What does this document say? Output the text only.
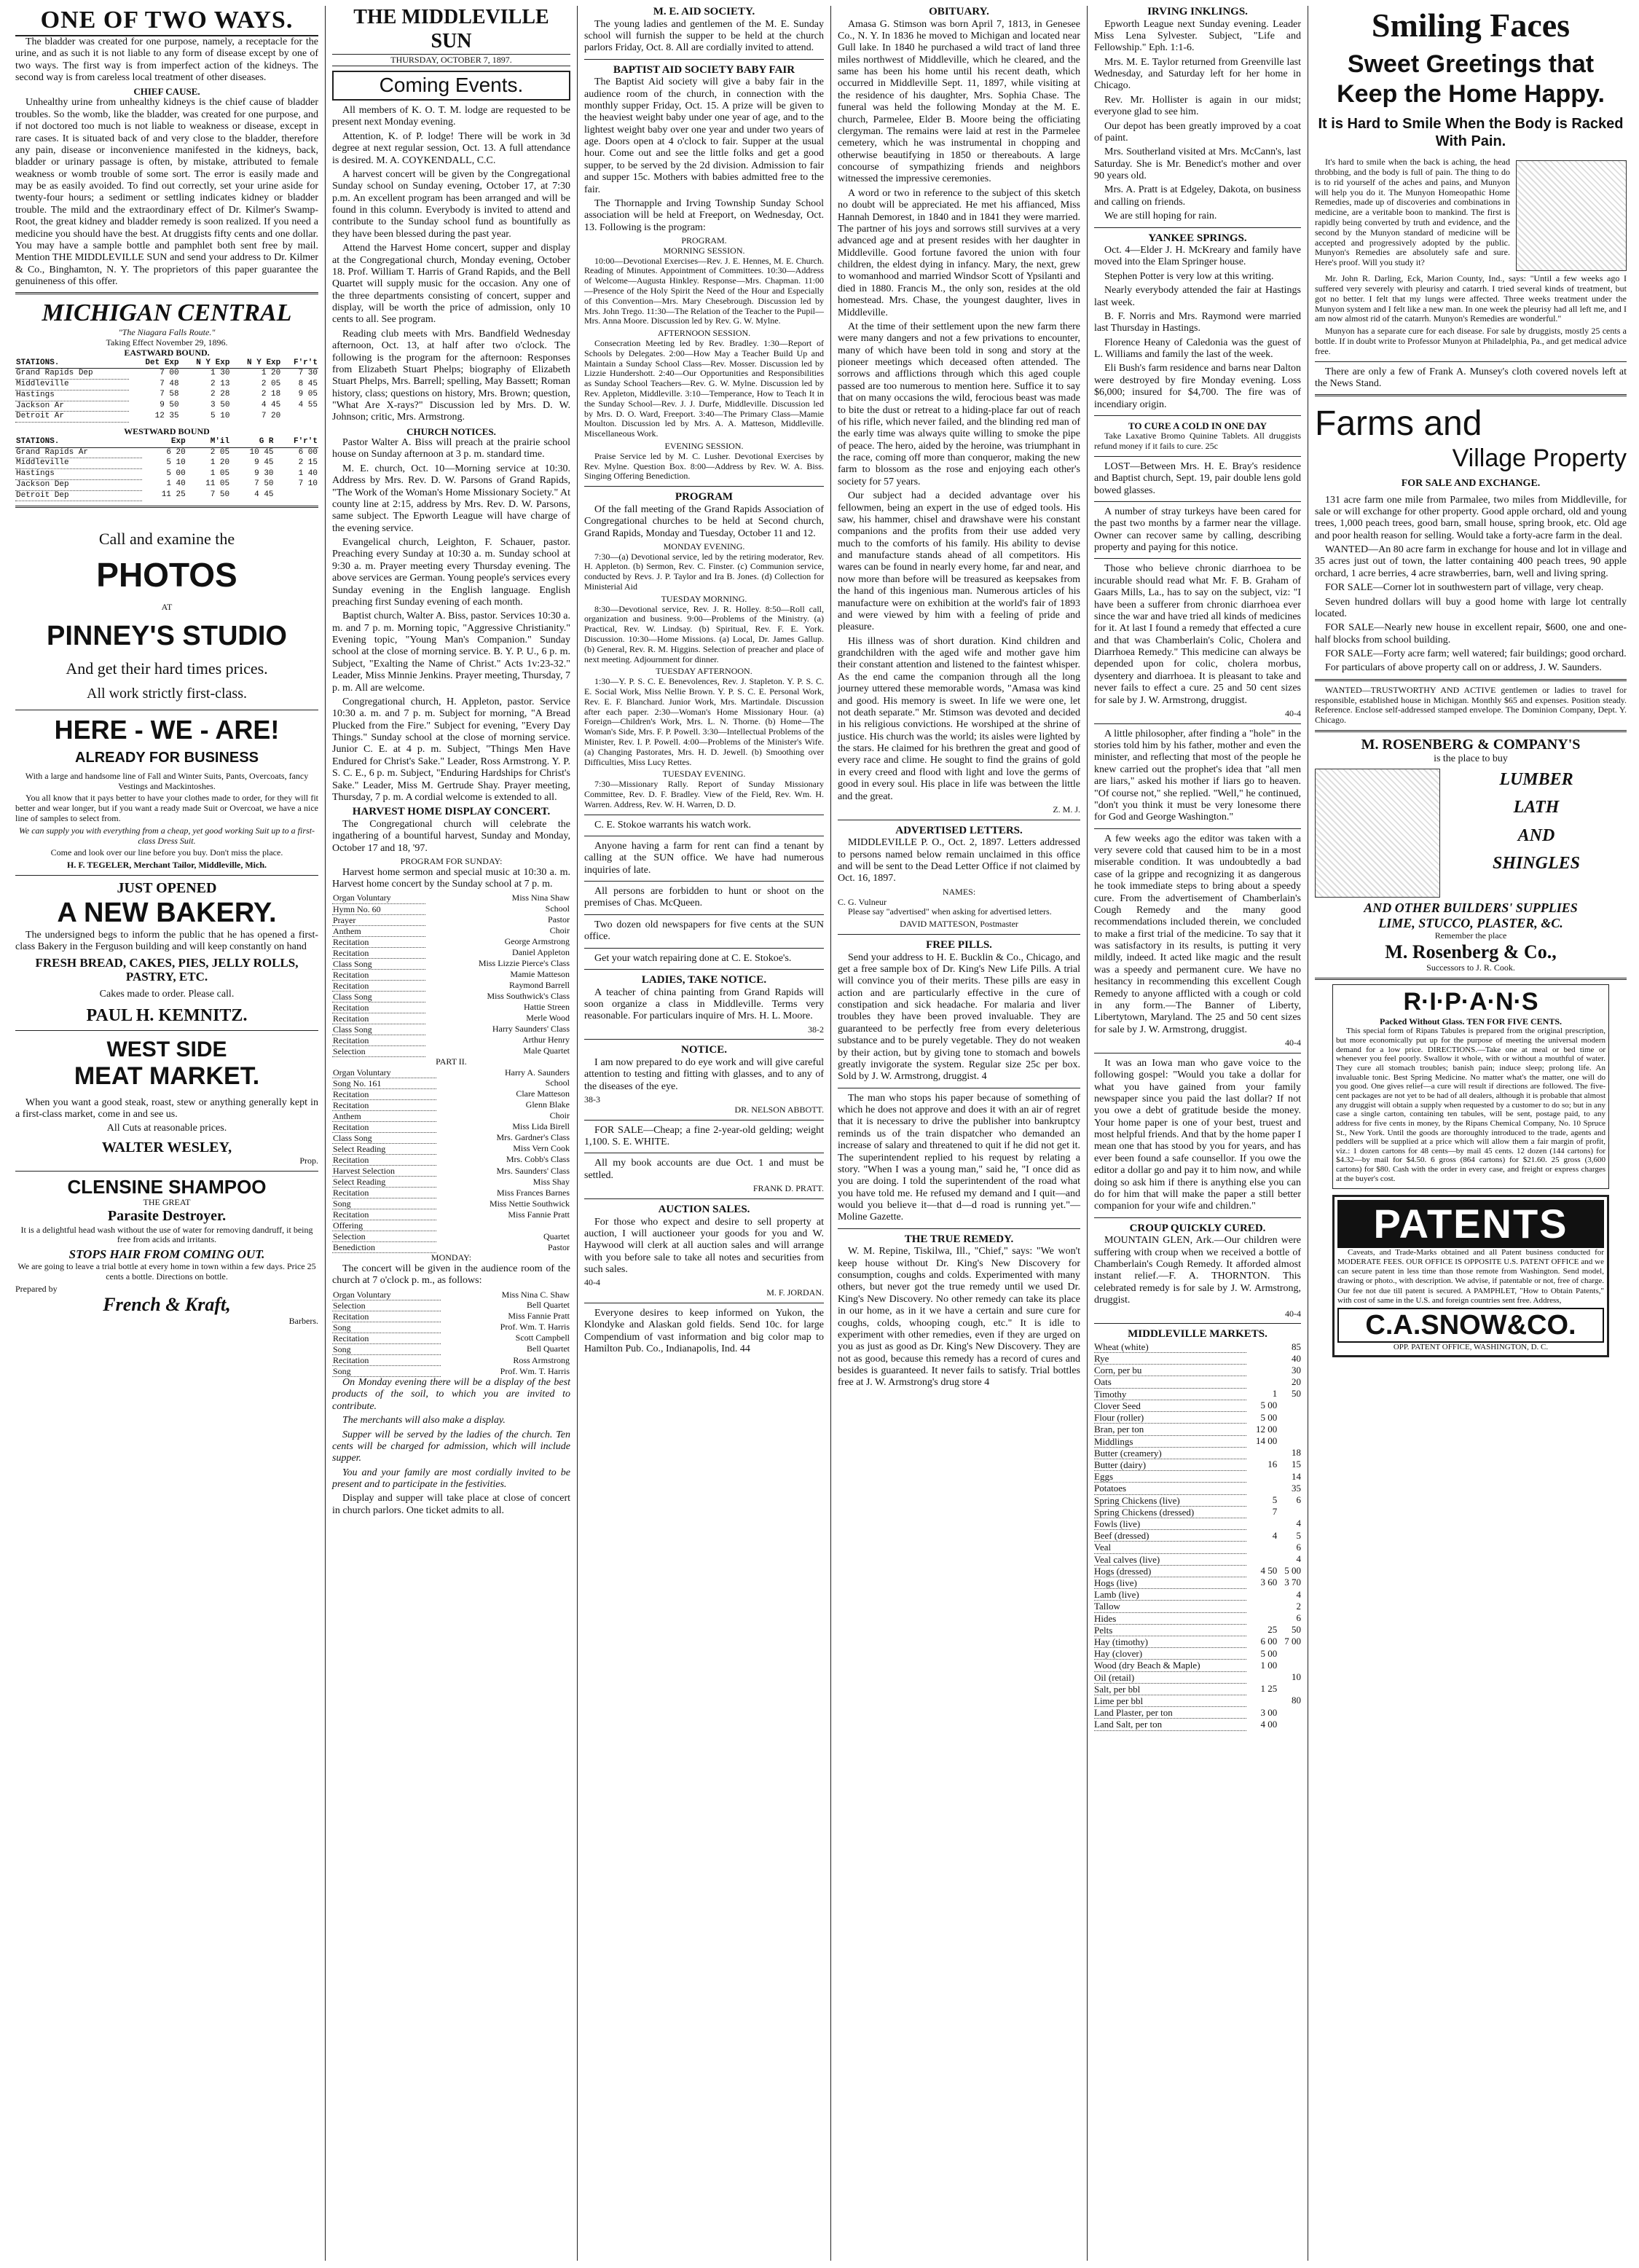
ONE OF TWO WAYS.

The bladder was created for one purpose, namely, a receptacle for the urine, and as such it is not liable to any form of disease except by one of two ways. The first way is from imperfect action of the kidneys. The second way is from careless local treatment of other diseases.

CHIEF CAUSE.

Unhealthy urine from unhealthy kidneys is the chief cause of bladder troubles. So the womb, like the bladder, was created for one purpose, and if not doctored too much is not liable to weakness or disease, except in rare cases. It is situated back of and very close to the bladder, therefore any pain, disease or inconvenience manifested in the kidneys, back, bladder or urinary passage is often, by mistake, attributed to female weakness or womb trouble of some sort. The error is easily made and may be as easily avoided. To find out correctly, set your urine aside for twenty-four hours; a sediment or settling indicates kidney or bladder trouble. The mild and the extraordinary effect of Dr. Kilmer's Swamp-Root, the great kidney and bladder remedy is soon realized. If you need a medicine you should have the best. At druggists fifty cents and one dollar. You may have a sample bottle and pamphlet both sent free by mail. Mention THE MIDDLEVILLE SUN and send your address to Dr. Kilmer & Co., Binghamton, N. Y. The proprietors of this paper guarantee the genuineness of this offer.

MICHIGAN CENTRAL
"The Niagara Falls Route."
Taking Effect November 29, 1896.
EASTWARD BOUND.
STATIONS.	Det Exp	N Y Exp	N Y Exp	F'r't
Grand Rapids Dep	7 00	1 30	1 20	7 30
Middleville	7 48	2 13	2 05	8 45
Hastings	7 58	2 28	2 18	9 05
Jackson Ar	9 50	3 50	4 45	4 55
Detroit Ar	12 35	5 10	7 20	
WESTWARD BOUND
STATIONS.	Exp	M'il	G R	F'r't
Grand Rapids Ar	6 20	2 05	10 45	6 00
Middleville	5 10	1 20	9 45	2 15
Hastings	5 00	1 05	9 30	1 40
Jackson Dep	1 40	11 05	7 50	7 10
Detroit Dep	11 25	7 50	4 45	
Call and examine the
PHOTOS
AT
PINNEY'S STUDIO
And get their hard times prices.
All work strictly first-class.
HERE - WE - ARE!
ALREADY FOR BUSINESS

With a large and handsome line of Fall and Winter Suits, Pants, Overcoats, fancy Vestings and Mackintoshes.

You all know that it pays better to have your clothes made to order, for they will fit better and wear longer, but if you want a ready made Suit or Overcoat, we have a nice line of samples to select from.

We can supply you with everything from a cheap, yet good working Suit up to a first-class Dress Suit.

Come and look over our line before you buy. Don't miss the place.

H. F. TEGELER, Merchant Tailor, Middleville, Mich.
JUST OPENED
A NEW BAKERY.

The undersigned begs to inform the public that he has opened a first-class Bakery in the Ferguson building and will keep constantly on hand

FRESH BREAD, CAKES, PIES, JELLY ROLLS, PASTRY, ETC.
Cakes made to order. Please call.
PAUL H. KEMNITZ.
WEST SIDE
MEAT MARKET.

When you want a good steak, roast, stew or anything generally kept in a first-class market, come in and see us.

All Cuts at reasonable prices.
WALTER WESLEY,
Prop.
CLENSINE SHAMPOO
THE GREAT
Parasite Destroyer.

It is a delightful head wash without the use of water for removing dandruff, it being free from acids and irritants.

STOPS HAIR FROM COMING OUT.

We are going to leave a trial bottle at every home in town within a few days. Price 25 cents a bottle. Directions on bottle.

Prepared by
French & Kraft,
Barbers.
THE MIDDLEVILLE SUN
THURSDAY, OCTOBER 7, 1897.
Coming Events.

All members of K. O. T. M. lodge are requested to be present next Monday evening.

Attention, K. of P. lodge! There will be work in 3d degree at next regular session, Oct. 13. A full attendance is desired. M. A. COYKENDALL, C.C.

A harvest concert will be given by the Congregational Sunday school on Sunday evening, October 17, at 7:30 p.m. An excellent program has been arranged and will be found in this column. Everybody is invited to attend and contribute to the Sunday school fund as bountifully as they have been blessed during the past year.

Attend the Harvest Home concert, supper and display at the Congregational church, Monday evening, October 18. Prof. William T. Harris of Grand Rapids, and the Bell Quartet will supply music for the occasion. Any one of the three departments consisting of concert, supper and display, will be worth the price of admission, only 10 cents to all. See program.

Reading club meets with Mrs. Bandfield Wednesday afternoon, Oct. 13, at half after two o'clock. The following is the program for the afternoon: Responses from Elizabeth Stuart Phelps; biography of Elizabeth Stuart Phelps, Mrs. Barrell; spelling, May Bassett; Roman history, class; questions on history, Mrs. Brown; question, "What Are X-rays?" Discussion led by Mrs. D. W. Johnson; critic, Mrs. Armstrong.

CHURCH NOTICES.

Pastor Walter A. Biss will preach at the prairie school house on Sunday afternoon at 3 p. m. standard time.

M. E. church, Oct. 10—Morning service at 10:30. Address by Mrs. Rev. D. W. Parsons of Grand Rapids, "The Work of the Woman's Home Missionary Society." At county line at 2:15, address by Mrs. Rev. D. W. Parsons, same subject. The Epworth League will have charge of the evening service.

Evangelical church, Leighton, F. Schauer, pastor. Preaching every Sunday at 10:30 a. m. Sunday school at 9:30 a. m. Prayer meeting every Thursday evening. The above services are German. Young people's services every Sunday evening in the English language. English preaching first Sunday evening of each month.

Baptist church, Walter A. Biss, pastor. Services 10:30 a. m. and 7 p. m. Morning topic, "Aggressive Christianity." Evening topic, "Young Man's Companion." Sunday school at the close of morning service. B. Y. P. U., 6 p. m. Subject, "Exalting the Name of Christ." Acts 1v:23-32." Leader, Miss Minnie Jenkins. Prayer meeting, Thursday, 7 p. m. All are welcome.

Congregational church, H. Appleton, pastor. Service 10:30 a. m. and 7 p. m. Subject for morning, "A Bread Plucked from the Fire." Subject for evening, "Every Day Things." Sunday school at the close of morning service. Junior C. E. at 4 p. m. Subject, "Things Men Have Endured for Christ's Sake." Leader, Ross Armstrong. Y. P. S. C. E., 6 p. m. Subject, "Enduring Hardships for Christ's Sake." Leader, Miss M. Gertrude Shay. Prayer meeting, Thursday, 7 p. m. A cordial welcome is extended to all.

HARVEST HOME DISPLAY CONCERT.

The Congregational church will celebrate the ingathering of a bountiful harvest, Sunday and Monday, October 17 and 18, '97.

PROGRAM FOR SUNDAY:

Harvest home sermon and special music at 10:30 a. m. Harvest home concert by the Sunday school at 7 p. m.

Organ Voluntary	Miss Nina Shaw
Hymn No. 60	School
Prayer	Pastor
Anthem	Choir
Recitation	George Armstrong
Recitation	Daniel Appleton
Class Song	Miss Lizzie Pierce's Class
Recitation	Mamie Matteson
Recitation	Raymond Barrell
Class Song	Miss Southwick's Class
Recitation	Hattie Streen
Recitation	Merle Wood
Class Song	Harry Saunders' Class
Recitation	Arthur Henry
Selection	Male Quartet
PART II.
Organ Voluntary	Harry A. Saunders
Song No. 161	School
Recitation	Clare Matteson
Recitation	Glenn Blake
Anthem	Choir
Recitation	Miss Lida Birell
Class Song	Mrs. Gardner's Class
Select Reading	Miss Vern Cook
Recitation	Mrs. Cobb's Class
Harvest Selection	Mrs. Saunders' Class
Select Reading	Miss Shay
Recitation	Miss Frances Barnes
Song	Miss Nettie Southwick
Recitation	Miss Fannie Pratt
Offering	
Selection	Quartet
Benediction	Pastor
MONDAY:

The concert will be given in the audience room of the church at 7 o'clock p. m., as follows:

Organ Voluntary	Miss Nina C. Shaw
Selection	Bell Quartet
Recitation	Miss Fannie Pratt
Song	Prof. Wm. T. Harris
Recitation	Scott Campbell
Song	Bell Quartet
Recitation	Ross Armstrong
Song	Prof. Wm. T. Harris

On Monday evening there will be a display of the best products of the soil, to which you are invited to contribute.

The merchants will also make a display.

Supper will be served by the ladies of the church. Ten cents will be charged for admission, which will include supper.

You and your family are most cordially invited to be present and to participate in the festivities.

Display and supper will take place at close of concert in church parlors. One ticket admits to all.

M. E. AID SOCIETY.

The young ladies and gentlemen of the M. E. Sunday school will furnish the supper to be held at the church parlors Friday, Oct. 8. All are cordially invited to attend.

BAPTIST AID SOCIETY BABY FAIR

The Baptist Aid society will give a baby fair in the audience room of the church, in connection with the monthly supper Friday, Oct. 15. A prize will be given to the heaviest weight baby under one year of age, and to the lightest weight baby over one year and under two years of age. Doors open at 4 o'clock to fair. Supper at the usual hour. Come out and see the little folks and get a good supper, to be served by the 2d division. Admission to fair and supper 15c. Mothers with babies admitted free to the fair.

The Thornapple and Irving Township Sunday School association will be held at Freeport, on Wednesday, Oct. 13. Following is the program:

PROGRAM.
MORNING SESSION.

10:00—Devotional Exercises—Rev. J. E. Hennes, M. E. Church. Reading of Minutes. Appointment of Committees. 10:30—Address of Welcome—Augusta Hinkley. Response—Mrs. Chapman. 11:00—Presence of the Holy Spirit the Need of the Hour and Especially of this Convention—Mrs. Mary Chesebrough. Discussion led by Mrs. John Trego. 11:30—The Relation of the Teacher to the Pupil—Mrs. Anna Moore. Discussion led by Rev. G. W. Mylne.

AFTERNOON SESSION.

Consecration Meeting led by Rev. Bradley. 1:30—Report of Schools by Delegates. 2:00—How May a Teacher Build Up and Maintain a Sunday School Class—Rev. Mosser. Discussion led by Lizzie Hundershott. 2:40—Our Opportunities and Responsibilities as Sunday School Teachers—Rev. G. W. Mylne. Discussion led by Rev. Appleton, Middleville. 3:10—Temperance, How to Teach It in the Sunday School—Rev. J. J. Durfe, Middleville. Discussion led by Mrs. D. O. Ward, Freeport. 3:40—The Primary Class—Mamie Moulton. Discussion led by Mrs. A. A. Matteson, Middleville. Miscellaneous Work.

EVENING SESSION.

Praise Service led by M. C. Lusher. Devotional Exercises by Rev. Mylne. Question Box. 8:00—Address by Rev. W. A. Biss. Singing Offering Benediction.

PROGRAM

Of the fall meeting of the Grand Rapids Association of Congregational churches to be held at Second church, Grand Rapids, Monday and Tuesday, October 11 and 12.

MONDAY EVENING.

7:30—(a) Devotional service, led by the retiring moderator, Rev. H. Appleton. (b) Sermon, Rev. C. Finster. (c) Communion service, conducted by Revs. J. P. Taylor and Ira B. Jones. (d) Collection for Ministerial Aid

TUESDAY MORNING.

8:30—Devotional service, Rev. J. R. Holley. 8:50—Roll call, organization and business. 9:00—Problems of the Ministry. (a) Practical, Rev. W. Lindsay. (b) Spiritual, Rev. F. E. York. Discussion. 10:30—Home Missions. (a) Local, Dr. James Gallup. (b) General, Rev. R. M. Higgins. Selection of preacher and place of next meeting. Adjournment for dinner.

TUESDAY AFTERNOON.

1:30—Y. P. S. C. E. Benevolences, Rev. J. Stapleton. Y. P. S. C. E. Social Work, Miss Nellie Brown. Y. P. S. C. E. Personal Work, Rev. E. F. Blanchard. Junior Work, Mrs. Martindale. Discussion after each paper. 2:30—Woman's Home Missionary Hour. (a) Foreign—Children's Work, Mrs. L. N. Thorne. (b) Home—The Woman's Side, Mrs. F. P. Powell. 3:30—Intellectual Problems of the Minister, Rev. I. P. Powell. 4:00—Problems of the Minister's Wife. (a) Changing Pastorates, Mrs. H. D. Jewell. (b) Smoothing over Difficulties, Miss Lucy Rettes.

TUESDAY EVENING.

7:30—Missionary Rally. Report of Sunday Missionary Committee, Rev. D. F. Bradley. View of the Field, Rev. Wm. H. Warren. Address, Rev. W. H. Warren, D. D.

C. E. Stokoe warrants his watch work.

Anyone having a farm for rent can find a tenant by calling at the SUN office. We have had numerous inquiries of late.

All persons are forbidden to hunt or shoot on the premises of Chas. McQueen.

Two dozen old newspapers for five cents at the SUN office.

Get your watch repairing done at C. E. Stokoe's.

LADIES, TAKE NOTICE.

A teacher of china painting from Grand Rapids will soon organize a class in Middleville. Terms very reasonable. For particulars inquire of Mrs. H. L. Moore.

38-2
NOTICE.

I am now prepared to do eye work and will give careful attention to testing and fitting with glasses, and to any of the diseases of the eye.

38-3
DR. NELSON ABBOTT.

FOR SALE—Cheap; a fine 2-year-old gelding; weight 1,100. S. E. WHITE.

All my book accounts are due Oct. 1 and must be settled.

FRANK D. PRATT.
AUCTION SALES.

For those who expect and desire to sell property at auction, I will auctioneer your goods for you and W. Haywood will clerk at all auction sales and will arrange with you before sale to take all notes and securities from such sales.

40-4
M. F. JORDAN.

Everyone desires to keep informed on Yukon, the Klondyke and Alaskan gold fields. Send 10c. for large Compendium of vast information and big color map to Hamilton Pub. Co., Indianapolis, Ind. 44

OBITUARY.

Amasa G. Stimson was born April 7, 1813, in Genesee Co., N. Y. In 1836 he moved to Michigan and located near Gull lake. In 1840 he purchased a wild tract of land three miles northwest of Middleville, which he cleared, and the same has been his home until his recent death, which occurred in Middleville Sept. 11, 1897, while visiting at the residence of his daughter, Mrs. Sophia Chase. The funeral was held the following Monday at the M. E. church, Parmelee, Elder B. Moore being the officiating clergyman. The remains were laid at rest in the Parmelee cemetery, which he was instrumental in chopping and otherwise beautifying in 1850 or thereabouts. A large concourse of sympathizing friends and neighbors witnessed the impressive ceremonies.

A word or two in reference to the subject of this sketch no doubt will be appreciated. He met his affianced, Miss Hannah Demorest, in 1840 and in 1841 they were married. The partner of his joys and sorrows still survives at a very advanced age and at present resides with her daughter in Middleville. Good fortune favored the union with four children, the eldest dying in infancy. Mary, the next, grew to womanhood and married Windsor Scott of Ypsilanti and died in 1880. Francis M., the only son, resides at the old homestead. Mrs. Chase, the youngest daughter, lives in Middleville.

At the time of their settlement upon the new farm there were many dangers and not a few privations to encounter, many of which have been told in song and story at the pioneer meetings which deceased often attended. The sorrows and afflictions through which this aged couple passed are too numerous to mention here. Suffice it to say that on many occasions the wild, ferocious beast was made to bite the dust or retreat to a hiding-place far out of reach of his rifle, which never failed, and the blinding red man of the early time was always quite willing to smoke the pipe of peace. The hero, aided by the heroine, was triumphant in the race, coming off more than conqueror, making the new farm to blossom as the rose and enjoying each other's society for 57 years.

Our subject had a decided advantage over his fellowmen, being an expert in the use of edged tools. His saw, his hammer, chisel and drawshave were his constant companions and the profits from their use added very much to the comforts of his family. His ability to devise and manufacture stands ahead of all competitors. His wares can be found in nearly every home, far and near, and now more than before will be treasured as keepsakes from the hand of this ingenious man. Numerous articles of his manufacture were on exhibition at the world's fair of 1893 and were viewed by him with a feeling of pride and pleasure.

His illness was of short duration. Kind children and grandchildren with the aged wife and mother gave him their constant attention and listened to the faintest whisper. As the end came the companion through all the long journey uttered these memorable words, "Amasa was kind and good. His memory is sweet. In life we were one, let not death separate." Mr. Stimson was devoted and decided in his religious convictions. He worshiped at the shrine of justice. His church was the world; its aisles were lighted by the stars. He claimed for his brethren the great and good of every race and clime. He sought to find the grains of gold in every creed and flood with light and love the germs of good in every soul. His place in life was between the little and the great.

Z. M. J.
ADVERTISED LETTERS.

MIDDLEVILLE P. O., Oct. 2, 1897. Letters addressed to persons named below remain unclaimed in this office and will be sent to the Dead Letter Office if not claimed by Oct. 16, 1897.

NAMES:
C. G. Vulneur

Please say "advertised" when asking for advertised letters.

DAVID MATTESON, Postmaster
FREE PILLS.

Send your address to H. E. Bucklin & Co., Chicago, and get a free sample box of Dr. King's New Life Pills. A trial will convince you of their merits. These pills are easy in action and are particularly effective in the cure of constipation and sick headache. For malaria and liver troubles they have been proved invaluable. They are guaranteed to be perfectly free from every deleterious substance and to be purely vegetable. They do not weaken by their action, but by giving tone to stomach and bowels greatly invigorate the system. Regular size 25c per box. Sold by J. W. Armstrong, druggist. 4

The man who stops his paper because of something of which he does not approve and does it with an air of regret that it is necessary to drive the publisher into bankruptcy reminds us of the train dispatcher who demanded an increase of salary and threatened to quit if he did not get it. The superintendent replied to his request by relating a story. "When I was a young man," said he, "I once did as you are doing. I told the superintendent of the road what you have told me. He refused my demand and I quit—and would you believe it—that d—d road is running yet."—Moline Gazette.

THE TRUE REMEDY.

W. M. Repine, Tiskilwa, Ill., "Chief," says: "We won't keep house without Dr. King's New Discovery for consumption, coughs and colds. Experimented with many others, but never got the true remedy until we used Dr. King's New Discovery. No other remedy can take its place in our home, as in it we have a certain and sure cure for coughs, colds, whooping cough, etc." It is idle to experiment with other remedies, even if they are urged on you as just as good as Dr. King's New Discovery. They are not as good, because this remedy has a record of cures and besides is guaranteed. It never fails to satisfy. Trial bottles free at J. W. Armstrong's drug store 4

IRVING INKLINGS.

Epworth League next Sunday evening. Leader Miss Lena Sylvester. Subject, "Life and Fellowship." Eph. 1:1-6.

Mrs. M. E. Taylor returned from Greenville last Wednesday, and Saturday left for her home in Chicago.

Rev. Mr. Hollister is again in our midst; everyone glad to see him.

Our depot has been greatly improved by a coat of paint.

Mrs. Southerland visited at Mrs. McCann's, last Saturday. She is Mr. Benedict's mother and over 90 years old.

Mrs. A. Pratt is at Edgeley, Dakota, on business and calling on friends.

We are still hoping for rain.

YANKEE SPRINGS.

Oct. 4—Elder J. H. McKreary and family have moved into the Elam Springer house.

Stephen Potter is very low at this writing.

Nearly everybody attended the fair at Hastings last week.

B. F. Norris and Mrs. Raymond were married last Thursday in Hastings.

Florence Heany of Caledonia was the guest of L. Williams and family the last of the week.

Eli Bush's farm residence and barns near Dalton were destroyed by fire Monday evening. Loss $6,000; insured for $4,700. The fire was of incendiary origin.

TO CURE A COLD IN ONE DAY

Take Laxative Bromo Quinine Tablets. All druggists refund money if it fails to cure. 25c

LOST—Between Mrs. H. E. Bray's residence and Baptist church, Sept. 19, pair double lens gold bowed glasses.

A number of stray turkeys have been cared for the past two months by a farmer near the village. Owner can recover same by calling, describing property and paying for this notice.

Those who believe chronic diarrhoea to be incurable should read what Mr. F. B. Graham of Gaars Mills, La., has to say on the subject, viz: "I have been a sufferer from chronic diarrhoea ever since the war and have tried all kinds of medicines for it. At last I found a remedy that effected a cure and that was Chamberlain's Colic, Cholera and Diarrhoea Remedy." This medicine can always be depended upon for colic, cholera morbus, dysentery and diarrhoea. It is pleasant to take and never fails to effect a cure. 25 and 50 cent sizes for sale by J. W. Armstrong, druggist.

40-4

A little philosopher, after finding a "hole" in the stories told him by his father, mother and even the minister, and reflecting that most of the people he knew carried out the prophet's idea that "all men are liars," asked his mother if liars go to heaven. "Of course not," she replied. "Well," he continued, "don't you think it must be very lonesome there for God and George Washington."

A few weeks ago the editor was taken with a very severe cold that caused him to be in a most miserable condition. It was undoubtedly a bad case of la grippe and recognizing it as dangerous he took immediate steps to bring about a speedy cure. From the advertisement of Chamberlain's Cough Remedy and the many good recommendations included therein, we concluded to make a first trial of the medicine. To say that it was satisfactory in its results, is putting it very mildly, indeed. It acted like magic and the result was a speedy and permanent cure. We have no hesitancy in recommending this excellent Cough Remedy to anyone afflicted with a cough or cold in any form.—The Banner of Liberty, Libertytown, Maryland. The 25 and 50 cent sizes for sale by J. W. Armstrong, druggist.

40-4

It was an Iowa man who gave voice to the following gospel: "Would you take a dollar for what you have gained from your family newspaper since you paid the last dollar? If not you owe a debt of gratitude beside the money. Your home paper is one of your best, truest and most helpful friends. And that by the home paper I mean one that has stood by you for years, and has ever been found a safe counsellor. If you owe the editor a dollar go and pay it to him now, and while doing so ask him if there is anything else you can do for him that will make the paper a still better companion for your wife and children."

CROUP QUICKLY CURED.

MOUNTAIN GLEN, Ark.—Our children were suffering with croup when we received a bottle of Chamberlain's Cough Remedy. It afforded almost instant relief.—F. A. THORNTON. This celebrated remedy is for sale by J. W. Armstrong, druggist.

40-4
MIDDLEVILLE MARKETS.
Wheat (white)		85
Rye		40
Corn, per bu		30
Oats		20
Timothy	1	50
Clover Seed	5 00	
Flour (roller)	5 00	
Bran, per ton	12 00	
Middlings	14 00	
Butter (creamery)		18
Butter (dairy)	16	15
Eggs		14
Potatoes		35
Spring Chickens (live)	5	6
Spring Chickens (dressed)	7	
Fowls (live)		4
Beef (dressed)	4	5
Veal		6
Veal calves (live)		4
Hogs (dressed)	4 50	5 00
Hogs (live)	3 60	3 70
Lamb (live)		4
Tallow		2
Hides		6
Pelts	25	50
Hay (timothy)	6 00	7 00
Hay (clover)	5 00	
Wood (dry Beach & Maple)	1 00	
Oil (retail)		10
Salt, per bbl	1 25	
Lime per bbl		80
Land Plaster, per ton	3 00	
Land Salt, per ton	4 00	
Smiling Faces
Sweet Greetings that Keep the Home Happy.
It is Hard to Smile When the Body is Racked With Pain.

It's hard to smile when the back is aching, the head throbbing, and the body is full of pain. The thing to do is to rid yourself of the aches and pains, and Munyon will help you do it. The Munyon Homeopathic Home Remedies, made up of discoveries and combinations in medicine, are a veritable boon to mankind. The first is rapidly being converted by truth and evidence, and the second by the Munyon standard of medicine will be accepted and progressively adopted by the public. Munyon's Remedies are absolutely safe and sure. Here's proof. Will you study it?

Mr. John R. Darling, Eck, Marion County, Ind., says: "Until a few weeks ago I suffered very severely with pleurisy and catarrh. I tried several kinds of treatment, but got no better. I felt that my lungs were affected. Three weeks treatment under the Munyon system and I felt like a new man. In one week the pleurisy had all left me, and I am now almost rid of the catarrh. Munyon's Remedies are wonderful."

Munyon has a separate cure for each disease. For sale by druggists, mostly 25 cents a bottle. If in doubt write to Professor Munyon at Philadelphia, Pa., and get medical advice free.

There are only a few of Frank A. Munsey's cloth covered novels left at the News Stand.

Farms and
Village Property
FOR SALE AND EXCHANGE.

131 acre farm one mile from Parmalee, two miles from Middleville, for sale or will exchange for other property. Good apple orchard, old and young trees, 1,000 peach trees, good barn, small house, spring brook, etc. Old age and poor health reason for selling. Would take a forty-acre farm in the deal.

WANTED—An 80 acre farm in exchange for house and lot in village and 35 acres just out of town, the latter containing 400 peach trees, 90 apple orchard, 1 acre berries, 4 acre strawberries, barn, well and living spring.

FOR SALE—Corner lot in southwestern part of village, very cheap.

Seven hundred dollars will buy a good home with large lot centrally located.

FOR SALE—Nearly new house in excellent repair, $600, one and one-half blocks from school building.

FOR SALE—Forty acre farm; well watered; fair buildings; good orchard.

For particulars of above property call on or address, J. W. Saunders.

WANTED—TRUSTWORTHY AND ACTIVE gentlemen or ladies to travel for responsible, established house in Michigan. Monthly $65 and expenses. Position steady. Reference. Enclose self-addressed stamped envelope. The Dominion Company, Dept. Y. Chicago.

M. ROSENBERG & COMPANY'S
is the place to buy
LUMBER
LATH
AND
SHINGLES
AND OTHER BUILDERS' SUPPLIES
LIME, STUCCO, PLASTER, &C.
Remember the place
M. Rosenberg & Co.,
Successors to J. R. Cook.
R·I·P·A·N·S
Packed Without Glass. TEN FOR FIVE CENTS.

This special form of Ripans Tabules is prepared from the original prescription, but more economically put up for the purpose of meeting the universal modern demand for a low price. DIRECTIONS.—Take one at meal or bed time or whenever you feel poorly. Swallow it whole, with or without a mouthful of water. They cure all stomach troubles; banish pain; induce sleep; prolong life. An invaluable tonic. Best Spring Medicine. No matter what's the matter, one will do you good. One gives relief—a cure will result if directions are followed. The five-cent packages are not yet to be had of all dealers, although it is probable that almost any druggist will obtain a supply when requested by a customer to do so; but in any case a single carton, containing ten tabules, will be sent, postage paid, to any address for five cents in money, by the Ripans Chemical Company, No. 10 Spruce St., New York. Until the goods are thoroughly introduced to the trade, agents and peddlers will be supplied at a price which will allow them a fair margin of profit, viz.: 1 dozen cartons for 48 cents—by mail 45 cents. 12 dozen (144 cartons) for $4.32—by mail for $4.50. 6 gross (864 cartons) for $21.60. 25 gross (3,600 cartons) for $80. Cash with the order in every case, and freight or express charges at the buyer's cost.

PATENTS

Caveats, and Trade-Marks obtained and all Patent business conducted for MODERATE FEES. OUR OFFICE IS OPPOSITE U.S. PATENT OFFICE and we can secure patent in less time than those remote from Washington. Send model, drawing or photo., with description. We advise, if patentable or not, free of charge. Our fee not due till patent is secured. A PAMPHLET, "How to Obtain Patents," with cost of same in the U.S. and foreign countries sent free. Address,

C.A.SNOW&CO.
OPP. PATENT OFFICE, WASHINGTON, D. C.
